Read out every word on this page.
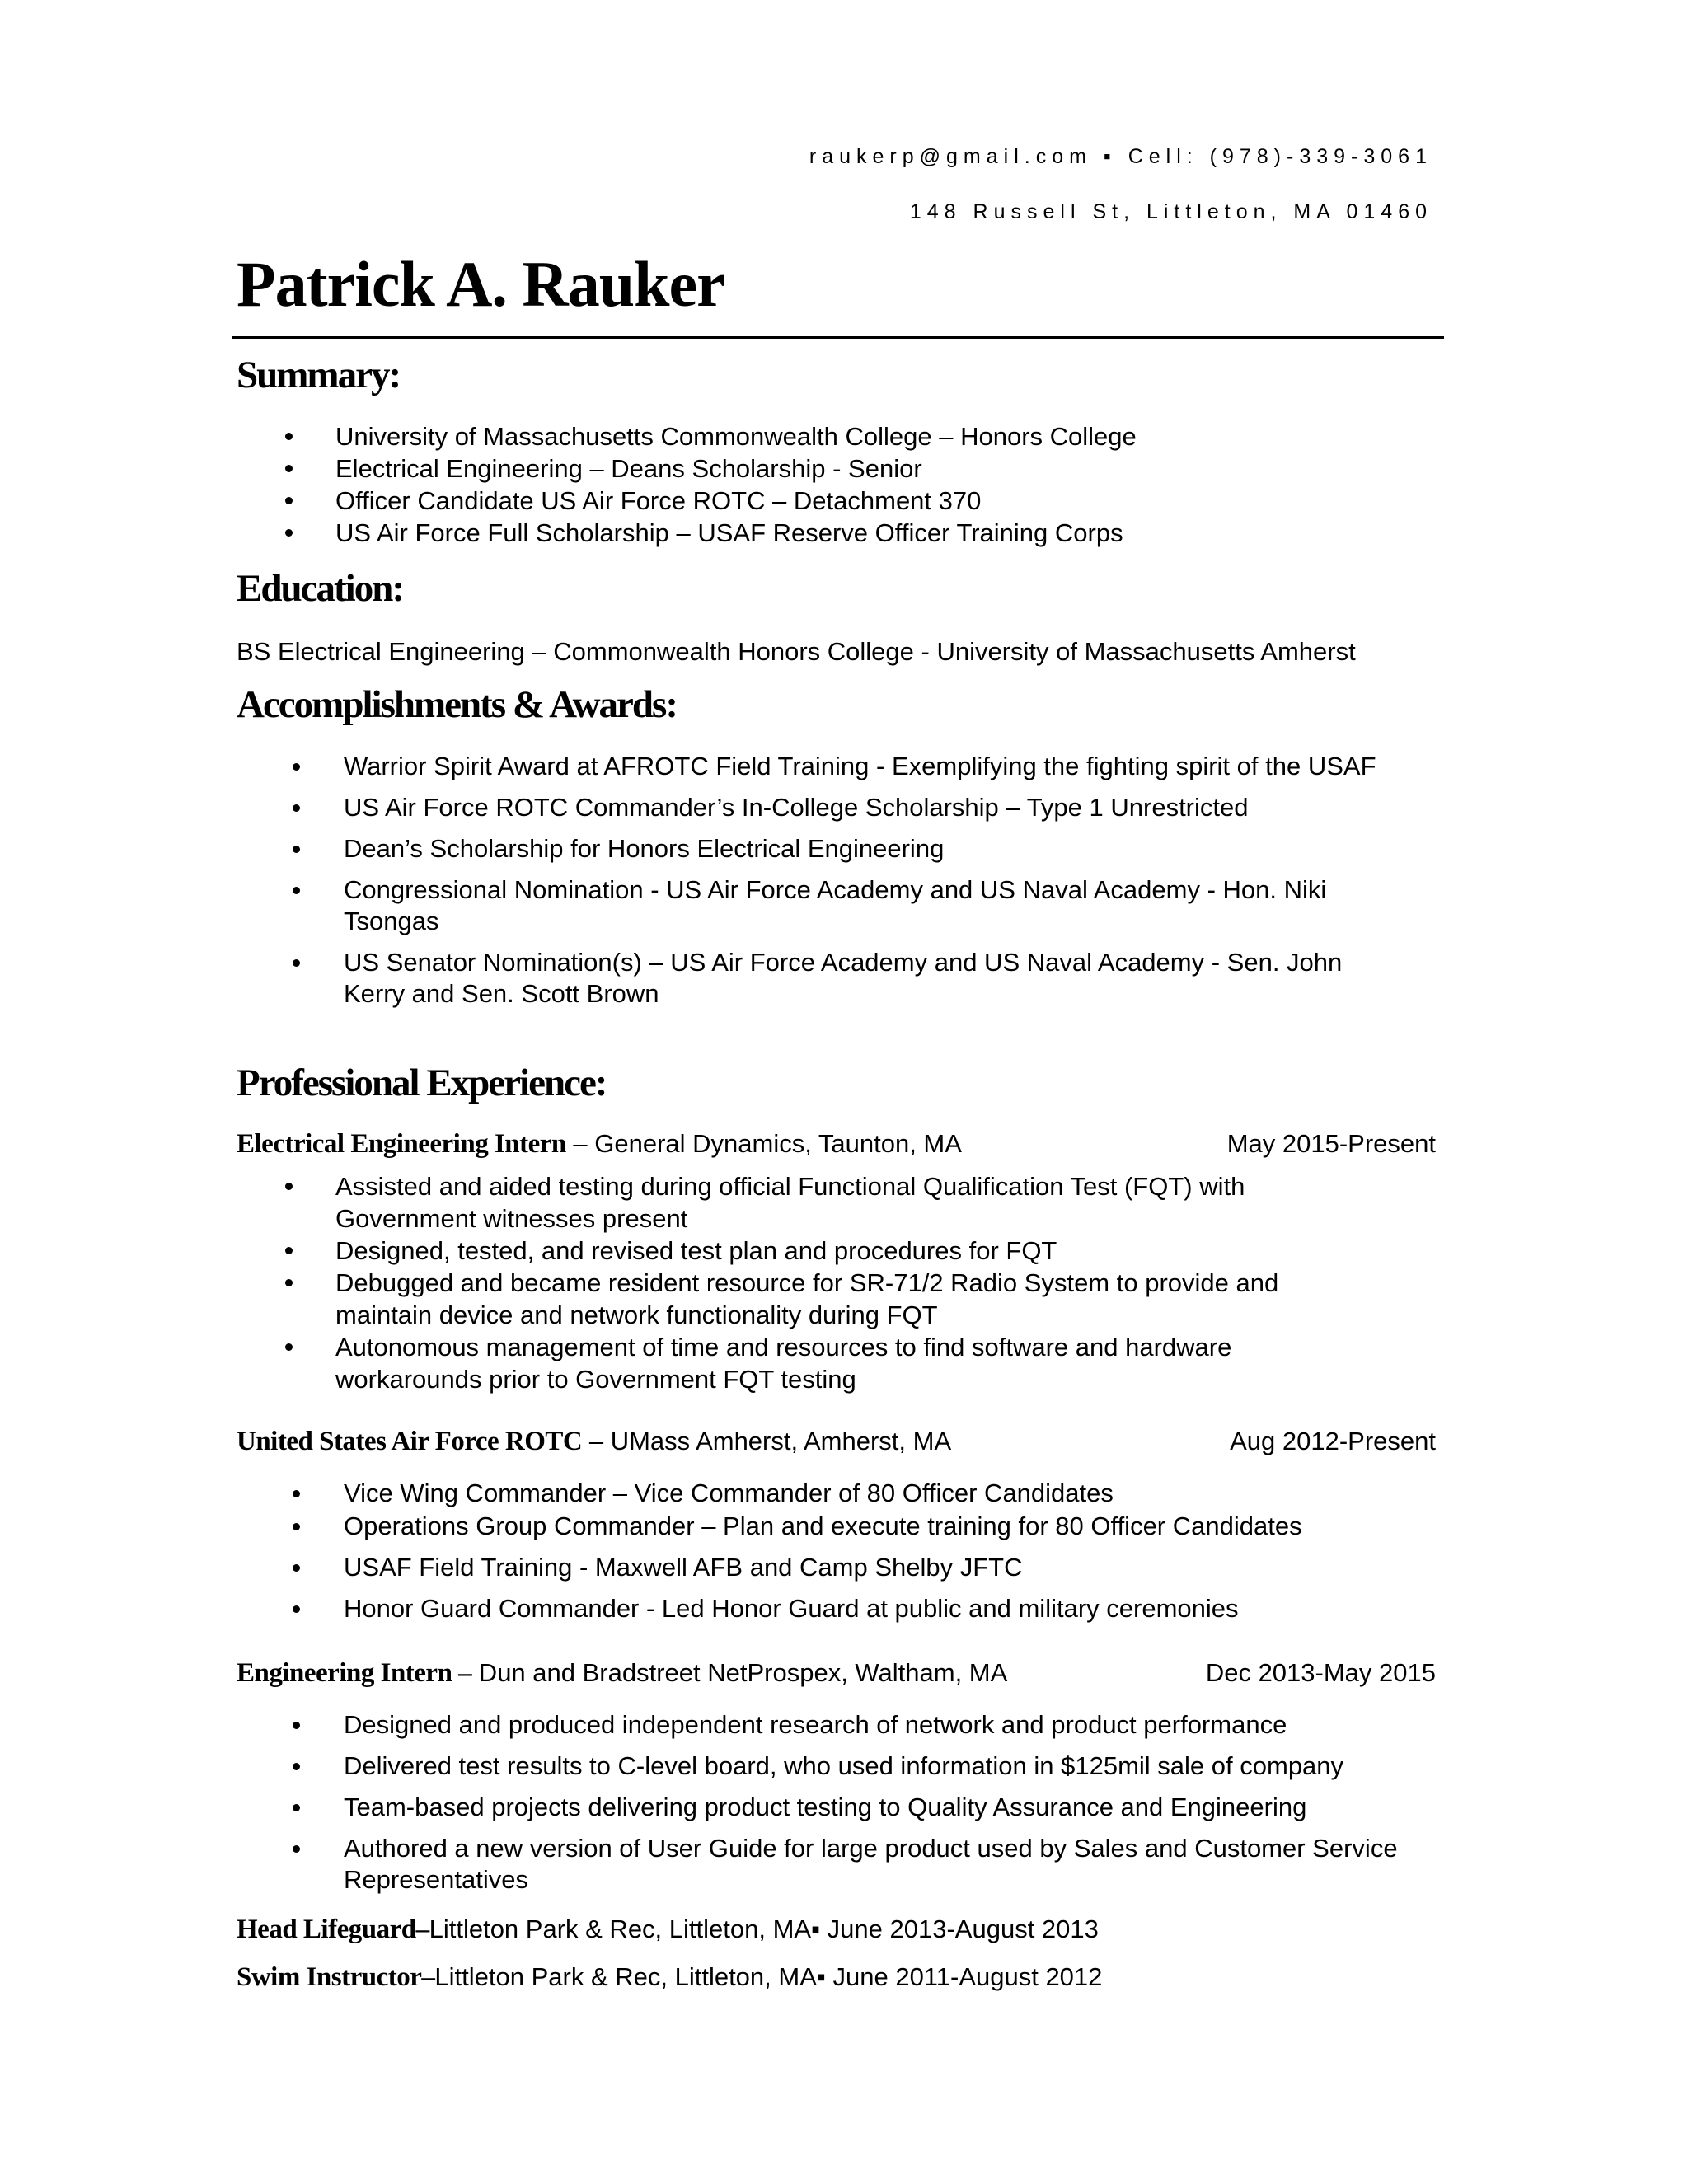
raukerp@gmail.com ▪ Cell: (978)-339-3061
148 Russell St, Littleton, MA 01460
Patrick A. Rauker
Summary:
University of Massachusetts Commonwealth College – Honors College
Electrical Engineering – Deans Scholarship - Senior
Officer Candidate US Air Force ROTC – Detachment 370
US Air Force Full Scholarship – USAF Reserve Officer Training Corps
Education:
BS Electrical Engineering – Commonwealth Honors College - University of Massachusetts Amherst
Accomplishments & Awards:
Warrior Spirit Award at AFROTC Field Training - Exemplifying the fighting spirit of the USAF
US Air Force ROTC Commander’s In-College Scholarship – Type 1 Unrestricted
Dean’s Scholarship for Honors Electrical Engineering
Congressional Nomination - US Air Force Academy and US Naval Academy - Hon. Niki Tsongas
US Senator Nomination(s) – US Air Force Academy and US Naval Academy - Sen. John Kerry and Sen. Scott Brown
Professional Experience:
Electrical Engineering Intern – General Dynamics, Taunton, MA	May 2015-Present
Assisted and aided testing during official Functional Qualification Test (FQT) with Government witnesses present
Designed, tested, and revised test plan and procedures for FQT
Debugged and became resident resource for SR-71/2 Radio System to provide and maintain device and network functionality during FQT
Autonomous management of time and resources to find software and hardware workarounds prior to Government FQT testing
United States Air Force ROTC – UMass Amherst, Amherst, MA	Aug 2012-Present
Vice Wing Commander – Vice Commander of 80 Officer Candidates
Operations Group Commander – Plan and execute training for 80 Officer Candidates
USAF Field Training - Maxwell AFB and Camp Shelby JFTC
Honor Guard Commander - Led Honor Guard at public and military ceremonies
Engineering Intern – Dun and Bradstreet NetProspex, Waltham, MA	Dec 2013-May 2015
Designed and produced independent research of network and product performance
Delivered test results to C-level board, who used information in $125mil sale of company
Team-based projects delivering product testing to Quality Assurance and Engineering
Authored a new version of User Guide for large product used by Sales and Customer Service Representatives
Head Lifeguard–Littleton Park & Rec, Littleton, MA▪ June 2013-August 2013
Swim Instructor–Littleton Park & Rec, Littleton, MA▪ June 2011-August 2012
